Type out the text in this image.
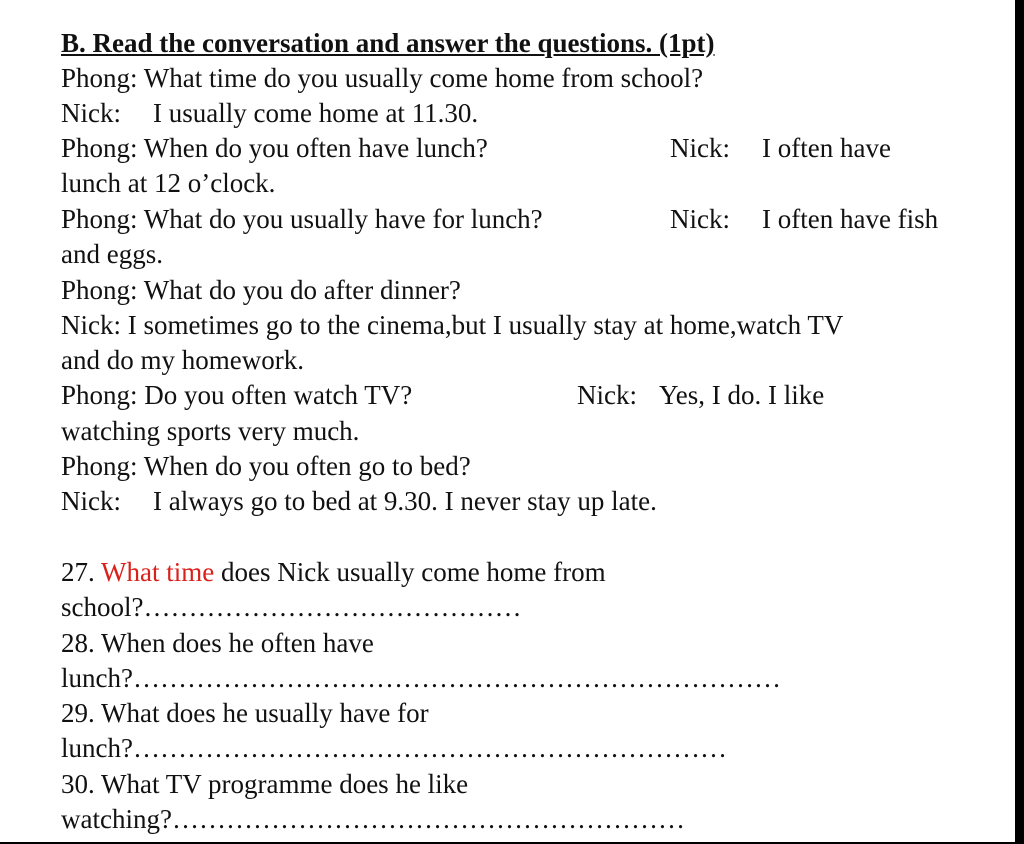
B. Read the conversation and answer the questions. (1pt)
Phong: What time do you usually come home from school?
Nick: I usually come home at 11.30.
Phong: When do you often have lunch?	Nick: I often have
lunch at 12 o’clock.
Phong: What do you usually have for lunch?	Nick: I often have fish
and eggs.
Phong: What do you do after dinner?
Nick: I sometimes go to the cinema,but I usually stay at home,watch TV
and do my homework.
Phong: Do you often watch TV?	Nick: Yes, I do. I like
watching sports very much.
Phong: When do you often go to bed?
Nick: I always go to bed at 9.30. I never stay up late.
27. What time does Nick usually come home from
school?……………………………………
28. When does he often have
lunch?………………………………………………………………
29. What does he usually have for
lunch?…………………………………………………………
30. What TV programme does he like
watching?…………………………………………………
